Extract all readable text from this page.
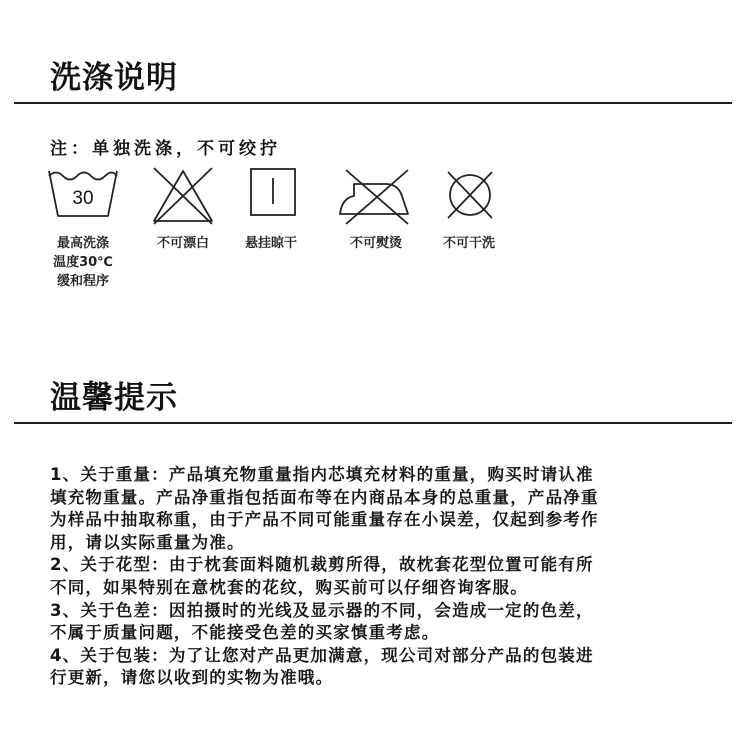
洗涤说明
注：单独洗涤，不可绞拧
30
最高洗涤
温度30℃
缓和程序
不可漂白	悬挂晾干	不可熨烫	不可干洗
温馨提示

1、关于重量：产品填充物重量指内芯填充材料的重量，购买时请认准

填充物重量。产品净重指包括面布等在内商品本身的总重量，产品净重

为样品中抽取称重，由于产品不同可能重量存在小误差，仅起到参考作

用，请以实际重量为准。

2、关于花型：由于枕套面料随机裁剪所得，故枕套花型位置可能有所

不同，如果特别在意枕套的花纹，购买前可以仔细咨询客服。

3、关于色差：因拍摄时的光线及显示器的不同，会造成一定的色差，

不属于质量问题，不能接受色差的买家慎重考虑。

4、关于包装：为了让您对产品更加满意，现公司对部分产品的包装进

行更新，请您以收到的实物为准哦。
